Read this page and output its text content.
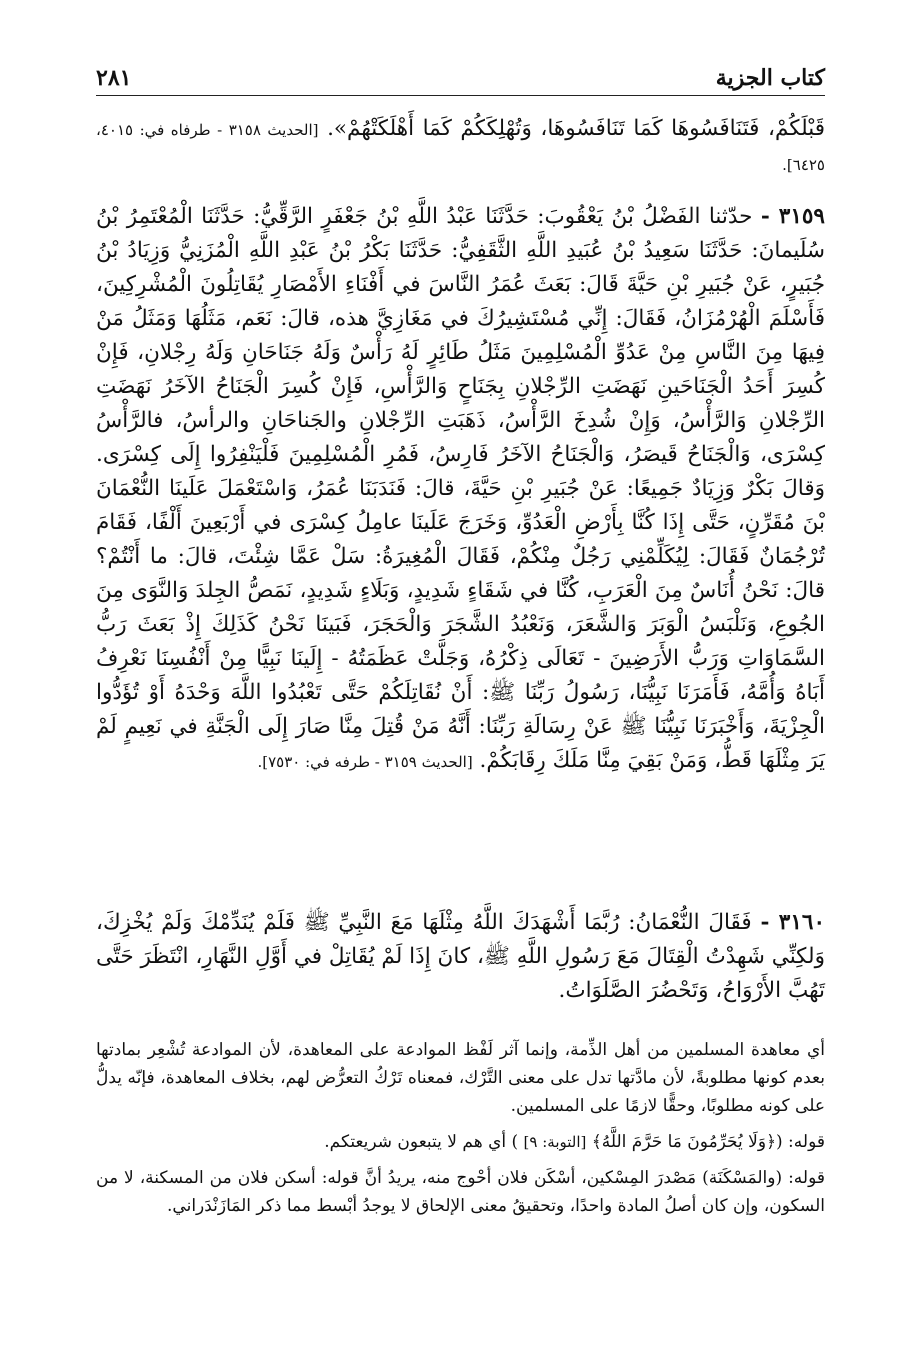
كتاب الجزية
٢٨١

قَبْلَكُمْ، فَتَنَافَسُوهَا كَمَا تَنَافَسُوهَا، وَتُهْلِكَكُمْ كَمَا أَهْلَكَتْهُمْ». [الحديث ٣١٥٨ - طرفاه في: ٤٠١٥، ٦٤٢٥].

٣١٥٩ - حدّثنا الفَضْلُ بْنُ يَعْقُوبَ: حَدَّثَنَا عَبْدُ اللَّهِ بْنُ جَعْفَرٍ الرَّقِّيُّ: حَدَّثَنَا الْمُعْتَمِرُ بْنُ سُلَيمانَ: حَدَّثَنَا سَعِيدُ بْنُ عُبَيدِ اللَّهِ الثَّقَفِيُّ: حَدَّثَنَا بَكْرُ بْنُ عَبْدِ اللَّهِ الْمُزَنِيُّ وَزِيَادُ بْنُ جُبَيرٍ، عَنْ جُبَيرِ بْنِ حَيَّةَ قَالَ: بَعَثَ عُمَرُ النَّاسَ في أَفْنَاءِ الأَمْصَارِ يُقَاتِلُونَ الْمُشْرِكِينَ، فَأَسْلَمَ الْهُرْمُزَانُ، فَقَالَ: إِنِّي مُسْتَشِيرُكَ في مَغَازِيَّ هذه، قالَ: نَعَم، مَثَلُهَا وَمَثَلُ مَنْ فِيهَا مِنَ النَّاسِ مِنْ عَدُوِّ الْمُسْلِمِينَ مَثَلُ طَائِرٍ لَهُ رَأْسٌ وَلَهُ جَنَاحَانِ وَلَهُ رِجْلانِ، فَإِنْ كُسِرَ أَحَدُ الْجَنَاحَينِ نَهَضَتِ الرِّجْلانِ بِجَنَاحٍ وَالرَّأْسِ، فَإِنْ كُسِرَ الْجَنَاحُ الآخَرُ نَهَضَتِ الرِّجْلانِ وَالرَّأْسُ، وَإِنْ شُدِخَ الرَّأْسُ، ذَهَبَتِ الرِّجْلانِ والجَناحَانِ والرأسُ، فالرَّأْسُ كِسْرَى، وَالْجَنَاحُ قَيصَرُ، وَالْجَنَاحُ الآخَرُ فَارِسُ، فَمُرِ الْمُسْلِمِينَ فَلْيَنْفِرُوا إِلَى كِسْرَى. وَقالَ بَكْرٌ وَزِيَادٌ جَمِيعًا: عَنْ جُبَيرِ بْنِ حَيَّةَ، قالَ: فَنَدَبَنَا عُمَرُ، وَاسْتَعْمَلَ عَلَينَا النُّعْمَانَ بْنَ مُقَرِّنٍ، حَتَّى إِذَا كُنَّا بِأَرْضِ الْعَدُوِّ، وَخَرَجَ عَلَينَا عامِلُ كِسْرَى في أَرْبَعِينَ أَلْفًا، فَقَامَ تُرْجُمَانٌ فَقَالَ: لِيُكَلِّمْنِي رَجُلٌ مِنْكُمْ، فَقَالَ الْمُغِيرَةُ: سَلْ عَمَّا شِئْتَ، قالَ: ما أَنْتُمْ؟ قالَ: نَحْنُ أُنَاسٌ مِنَ الْعَرَبِ، كُنَّا في شَقَاءٍ شَدِيدٍ، وَبَلَاءٍ شَدِيدٍ، نَمَصُّ الجِلدَ وَالنَّوَى مِنَ الجُوعِ، وَنَلْبَسُ الْوَبَرَ وَالشَّعَرَ، وَنَعْبُدُ الشَّجَرَ وَالْحَجَرَ، فَبَينَا نَحْنُ كَذَلِكَ إِذْ بَعَثَ رَبُّ السَّمَاوَاتِ وَرَبُّ الأَرَضِينَ - تَعَالَى ذِكْرُهُ، وَجَلَّتْ عَظَمَتُهُ - إِلَينَا نَبِيًّا مِنْ أَنْفُسِنَا نَعْرِفُ أَبَاهُ وَأُمَّهُ، فَأَمَرَنَا نَبِيُّنَا، رَسُولُ رَبِّنَا ﷺ: أَنْ نُقَاتِلَكُمْ حَتَّى تَعْبُدُوا اللَّهَ وَحْدَهُ أَوْ تُؤَدُّوا الْجِزْيَةَ، وَأَخْبَرَنَا نَبِيُّنَا ﷺ عَنْ رِسَالَةِ رَبِّنَا: أَنَّهُ مَنْ قُتِلَ مِنَّا صَارَ إِلَى الْجَنَّةِ في نَعِيمٍ لَمْ يَرَ مِثْلَهَا قَطُّ، وَمَنْ بَقِيَ مِنَّا مَلَكَ رِقَابَكُمْ. [الحديث ٣١٥٩ - طرفه في: ٧٥٣٠].

٣١٦٠ - فَقَالَ النُّعْمَانُ: رُبَّمَا أَشْهَدَكَ اللَّهُ مِثْلَهَا مَعَ النَّبِيِّ ﷺ فَلَمْ يُنَدِّمْكَ وَلَمْ يُخْزِكَ، وَلكِنِّي شَهِدْتُ الْقِتَالَ مَعَ رَسُولِ اللَّهِ ﷺ، كانَ إِذَا لَمْ يُقَاتِلْ في أَوَّلِ النَّهَارِ، انْتَظَرَ حَتَّى تَهُبَّ الأَرْوَاحُ، وَتَحْضُرَ الصَّلَوَاتُ.

أي معاهدة المسلمين من أهل الذِّمة، وإنما آثر لَفْظ الموادعة على المعاهدة، لأن الموادعة تُشْعِر بمادتها بعدم كونها مطلوبةً، لأن مادَّتها تدل على معنى التَّرْك، فمعناه تَرْكُ التعرُّض لهم، بخلاف المعاهدة، فإنّه يدلُّ على كونه مطلوبًا، وحقًّا لازمًا على المسلمين.

قوله: (﴿وَلَا يُحَرِّمُونَ مَا حَرَّمَ اللَّهُ﴾ [التوبة: ٩] ) أي هم لا يتبعون شريعتكم.

قوله: (والمَسْكَنَة) مَصْدرَ المِسْكين، أسْكَن فلان أحْوج منه، يريدُ أنَّ قوله: أسكن فلان من المسكنة، لا من السكون، وإن كان أصلُ المادة واحدًا، وتحقيقُ معنى الإلحاق لا يوجدُ أبْسط مما ذكر المَازَنْدَراني.
